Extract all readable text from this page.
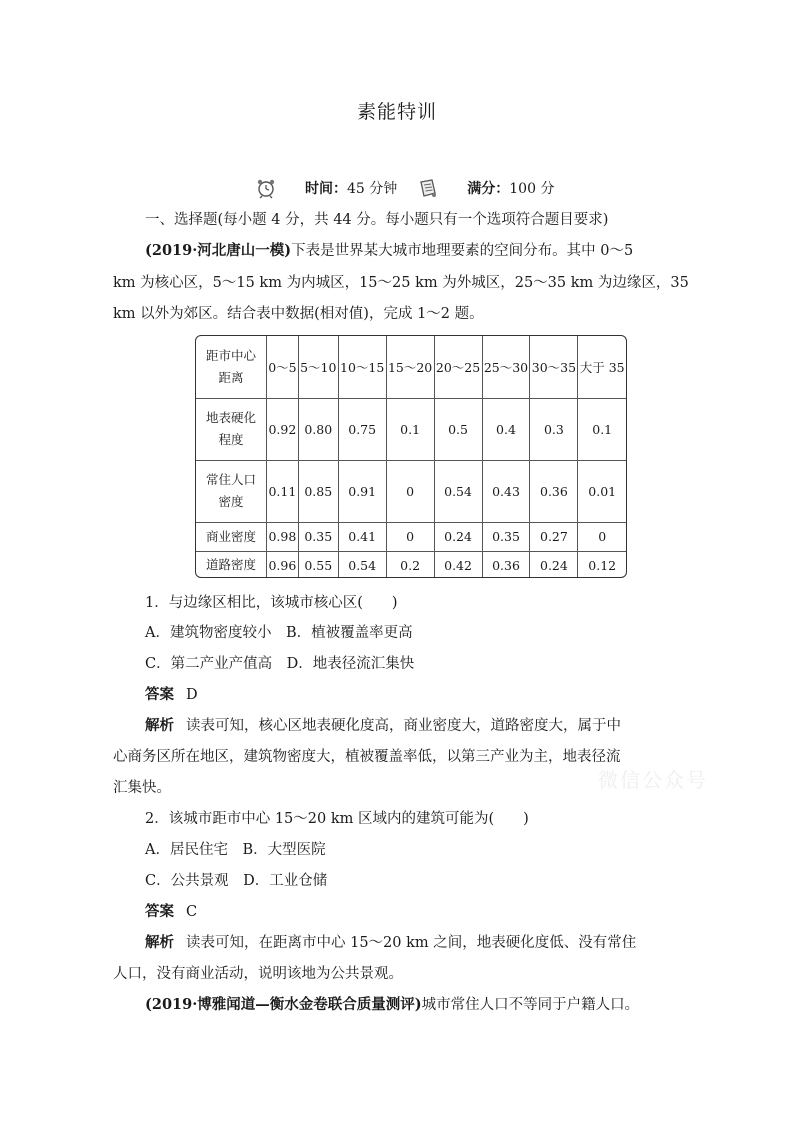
素能特训
时间： 45 分钟	满分： 100 分
一、选择题(每小题 4 分，共 44 分。每小题只有一个选项符合题目要求)
(2019·河北唐山一模)下表是世界某大城市地理要素的空间分布。其中 0～5
km 为核心区，5～15 km 为内城区，15～25 km 为外城区，25～35 km 为边缘区，35
km 以外为郊区。结合表中数据(相对值)，完成 1～2 题。
距市中心
距离	0～5	5～10	10～15	15～20	20～25	25～30	30～35	大于 35
地表硬化
程度	0.92	0.80	0.75	0.1	0.5	0.4	0.3	0.1
常住人口
密度	0.11	0.85	0.91	0	0.54	0.43	0.36	0.01
商业密度	0.98	0.35	0.41	0	0.24	0.35	0.27	0
道路密度	0.96	0.55	0.54	0.2	0.42	0.36	0.24	0.12
1．与边缘区相比，该城市核心区(　　)
A．建筑物密度较小　B．植被覆盖率更高
C．第二产业产值高　D．地表径流汇集快
答案 D
解析 读表可知，核心区地表硬化度高，商业密度大，道路密度大，属于中
心商务区所在地区，建筑物密度大，植被覆盖率低，以第三产业为主，地表径流
汇集快。
2．该城市距市中心 15～20 km 区域内的建筑可能为(　　)
A．居民住宅　B．大型医院
C．公共景观　D．工业仓储
答案 C
解析 读表可知，在距离市中心 15～20 km 之间，地表硬化度低、没有常住
人口，没有商业活动，说明该地为公共景观。
(2019·博雅闻道—衡水金卷联合质量测评)城市常住人口不等同于户籍人口。
微信公众号
